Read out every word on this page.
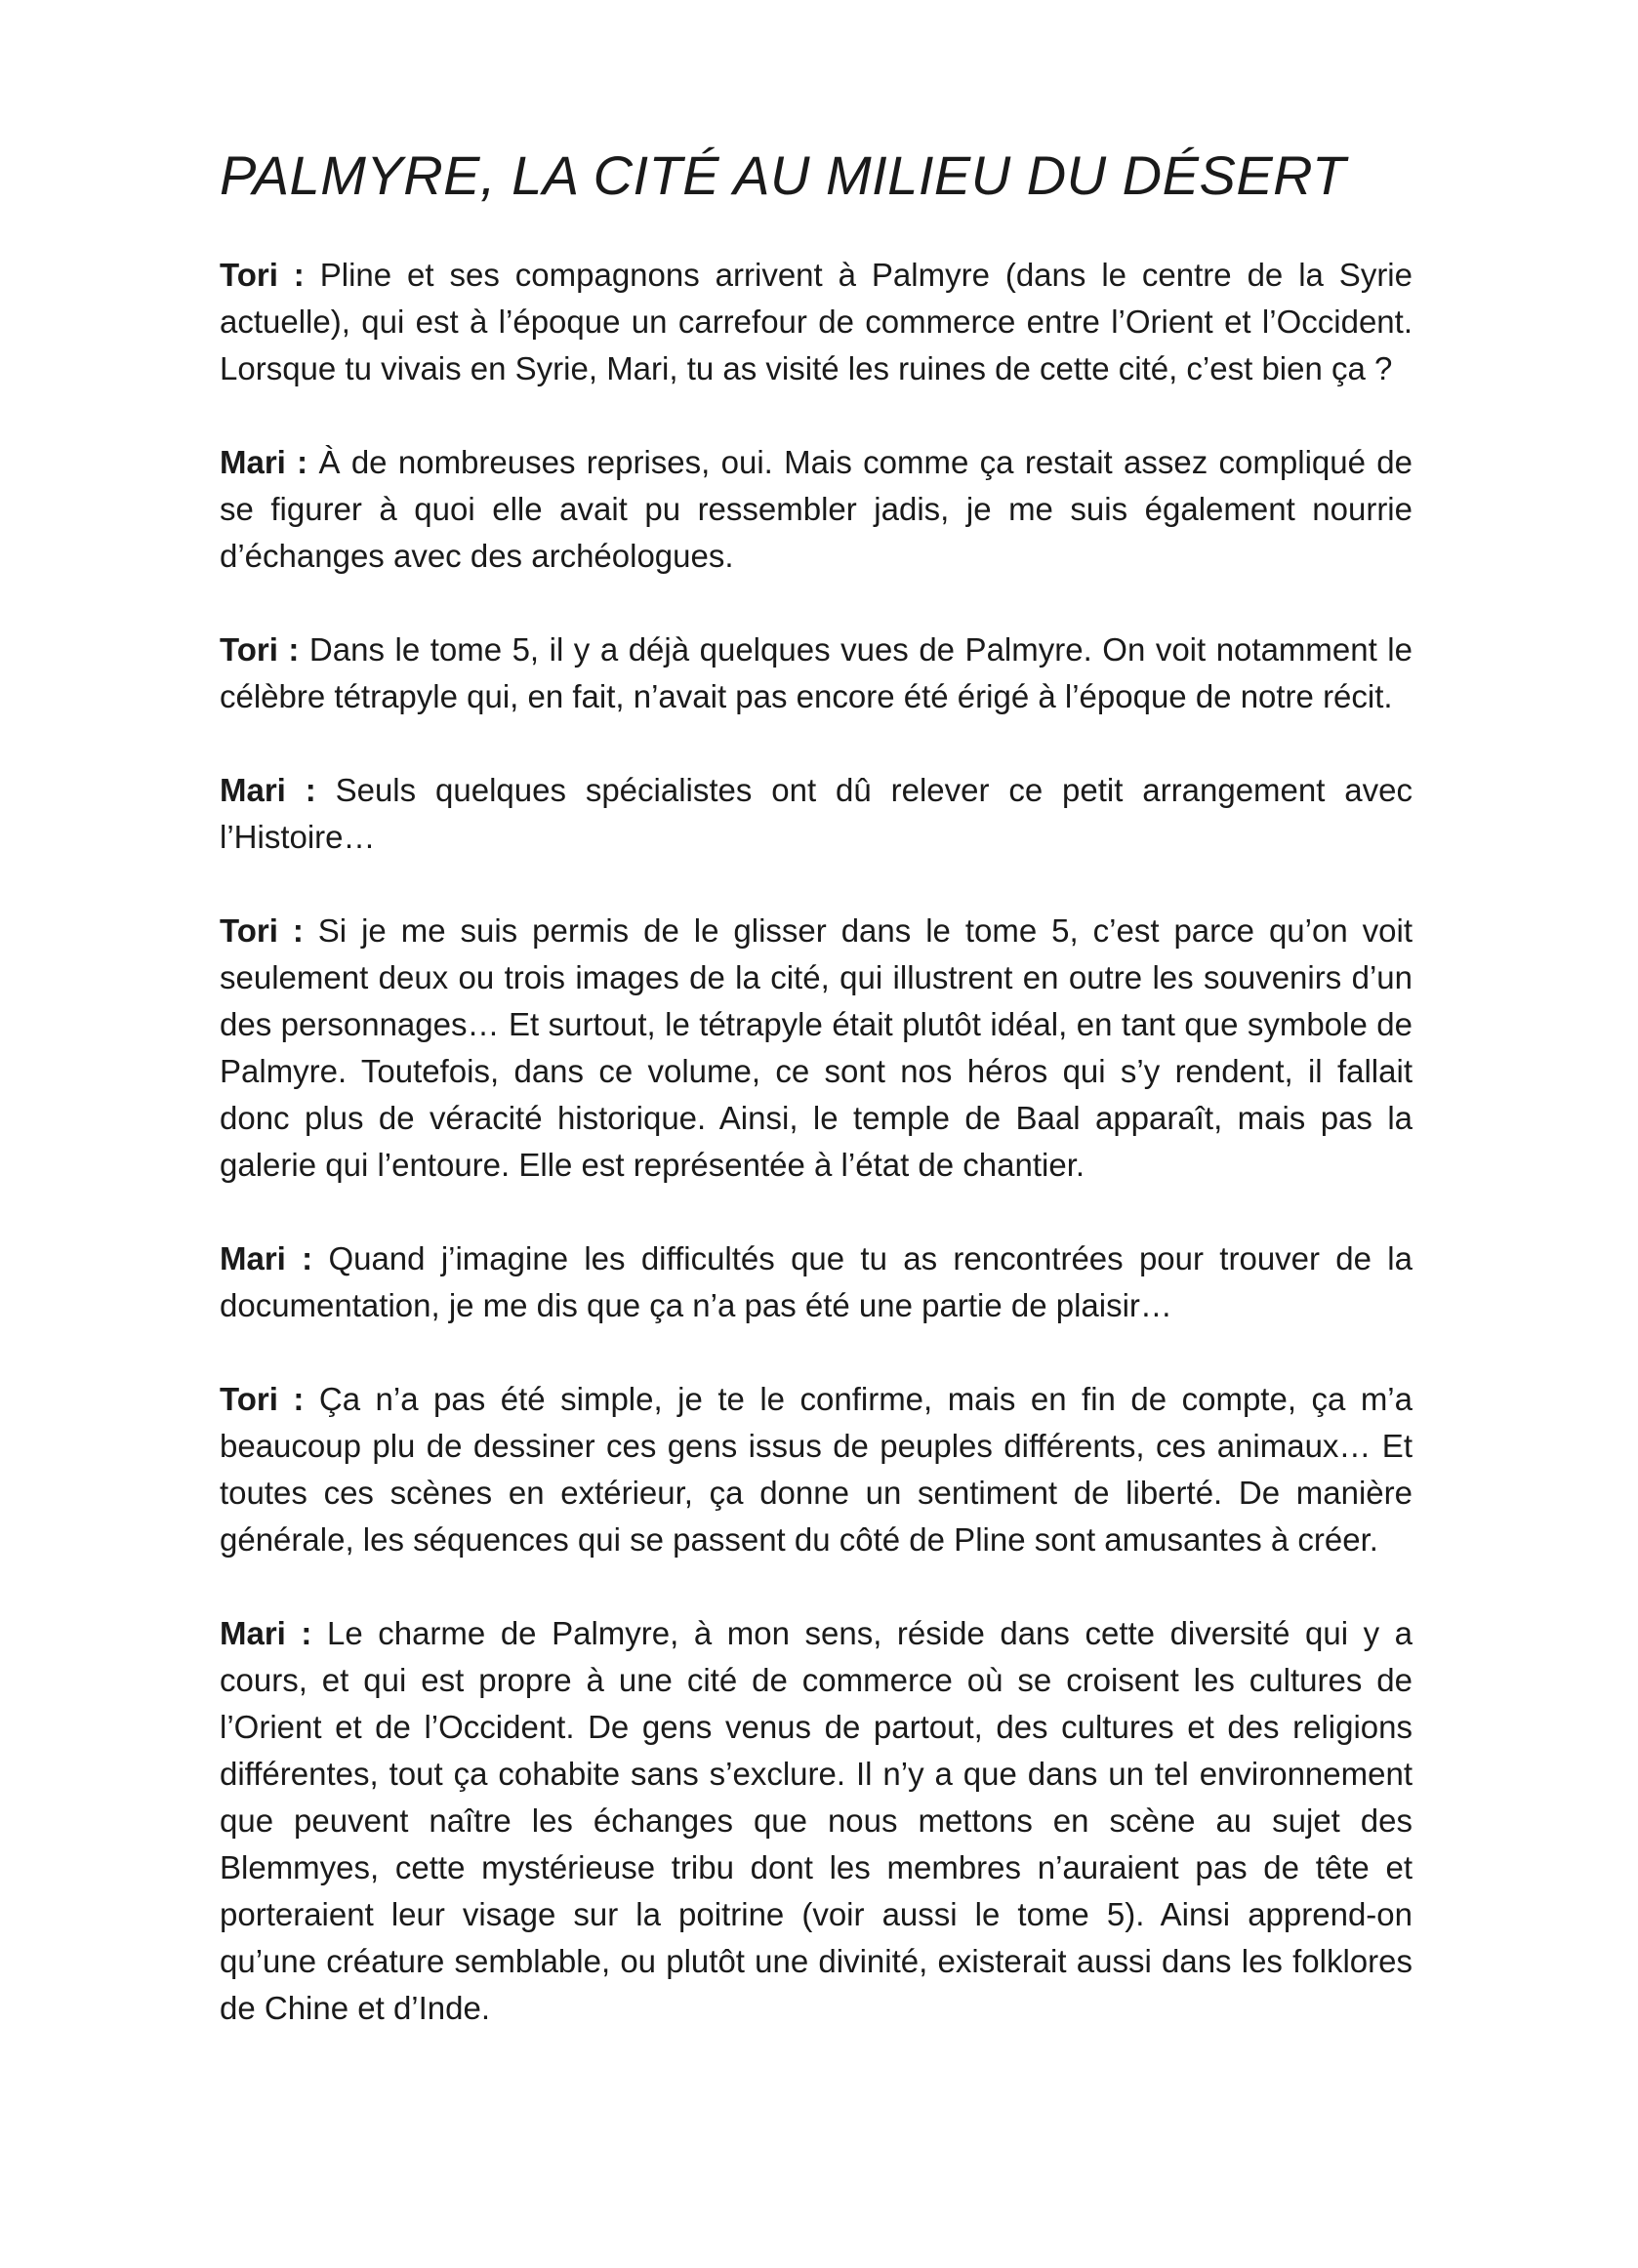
PALMYRE, LA CITÉ AU MILIEU DU DÉSERT

Tori : Pline et ses compagnons arrivent à Palmyre (dans le centre de la Syrie actuelle), qui est à l’époque un carrefour de commerce entre l’Orient et l’Occident. Lorsque tu vivais en Syrie, Mari, tu as visité les ruines de cette cité, c’est bien ça ?

Mari : À de nombreuses reprises, oui. Mais comme ça restait assez compliqué de se figurer à quoi elle avait pu ressembler jadis, je me suis également nourrie d’échanges avec des archéologues.

Tori : Dans le tome 5, il y a déjà quelques vues de Palmyre. On voit notamment le célèbre tétrapyle qui, en fait, n’avait pas encore été érigé à l’époque de notre récit.

Mari : Seuls quelques spécialistes ont dû relever ce petit arrangement avec l’Histoire…

Tori : Si je me suis permis de le glisser dans le tome 5, c’est parce qu’on voit seulement deux ou trois images de la cité, qui illustrent en outre les souvenirs d’un des personnages… Et surtout, le tétrapyle était plutôt idéal, en tant que symbole de Palmyre. Toutefois, dans ce volume, ce sont nos héros qui s’y rendent, il fallait donc plus de véracité historique. Ainsi, le temple de Baal apparaît, mais pas la galerie qui l’entoure. Elle est représentée à l’état de chantier.

Mari : Quand j’imagine les difficultés que tu as rencontrées pour trouver de la documentation, je me dis que ça n’a pas été une partie de plaisir…

Tori : Ça n’a pas été simple, je te le confirme, mais en fin de compte, ça m’a beaucoup plu de dessiner ces gens issus de peuples différents, ces animaux… Et toutes ces scènes en extérieur, ça donne un sentiment de liberté. De manière générale, les séquences qui se passent du côté de Pline sont amusantes à créer.

Mari : Le charme de Palmyre, à mon sens, réside dans cette diversité qui y a cours, et qui est propre à une cité de commerce où se croisent les cultures de l’Orient et de l’Occident. De gens venus de partout, des cultures et des religions différentes, tout ça cohabite sans s’exclure. Il n’y a que dans un tel environnement que peuvent naître les échanges que nous mettons en scène au sujet des Blemmyes, cette mystérieuse tribu dont les membres n’auraient pas de tête et porteraient leur visage sur la poitrine (voir aussi le tome 5). Ainsi apprend-on qu’une créature semblable, ou plutôt une divinité, existerait aussi dans les folklores de Chine et d’Inde.
